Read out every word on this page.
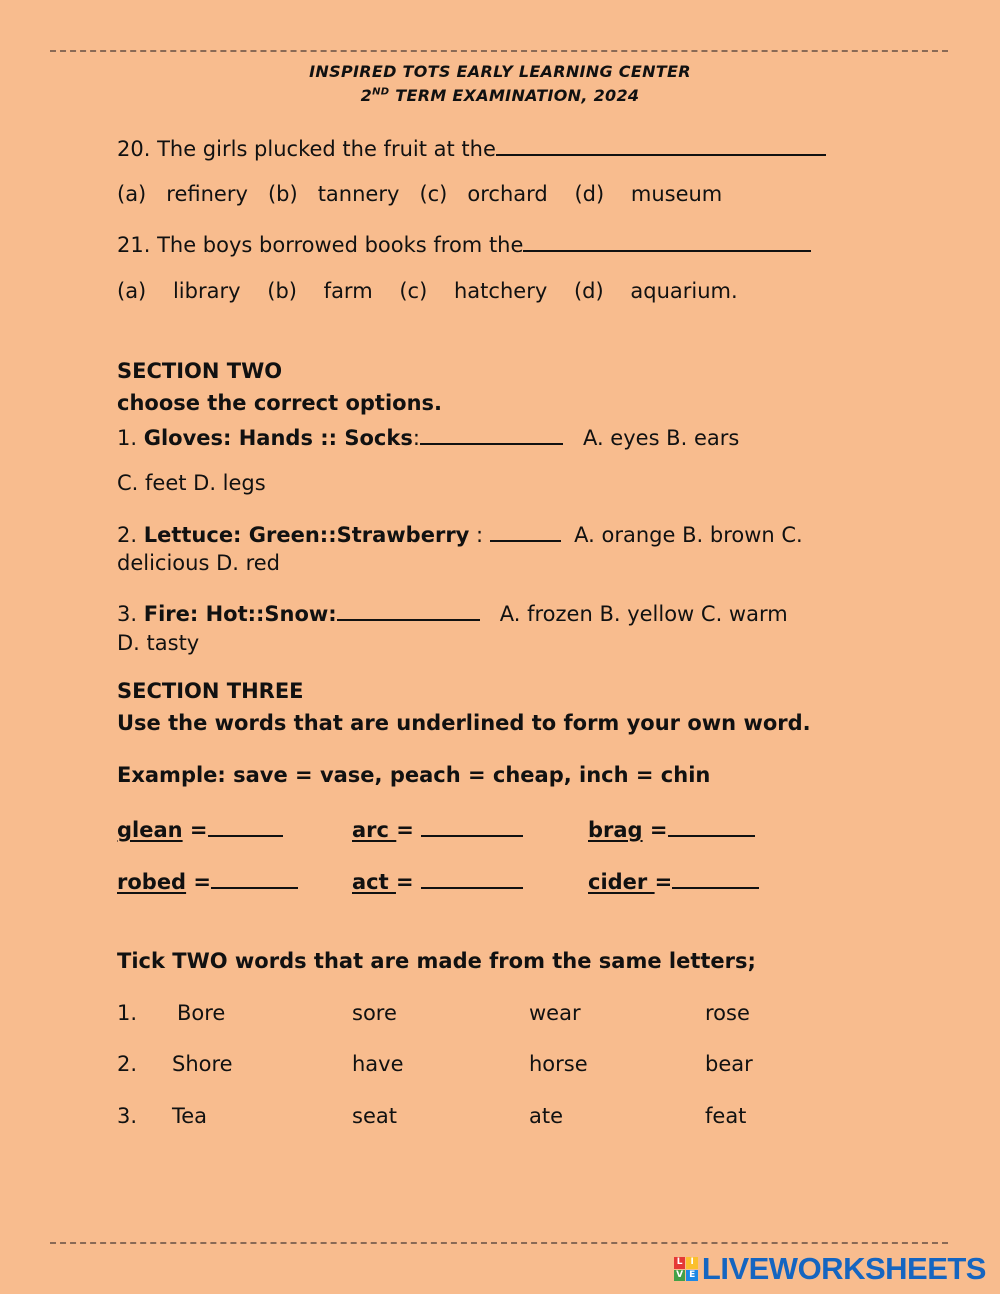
INSPIRED TOTS EARLY LEARNING CENTER
2ND TERM EXAMINATION, 2024
20. The girls plucked the fruit at the
(a) refinery (b) tannery (c) orchard (d) museum
21. The boys borrowed books from the
(a) library (b) farm (c) hatchery (d) aquarium.
SECTION TWO
choose the correct options.
1. Gloves: Hands :: Socks:	A. eyes B. ears
C. feet D. legs
2. Lettuce: Green::Strawberry :	A. orange B. brown C.
delicious D. red
3. Fire: Hot::Snow:	A. frozen B. yellow C. warm
D. tasty
SECTION THREE
Use the words that are underlined to form your own word.
Example: save = vase, peach = cheap, inch = chin
glean =	arc =	brag =
robed =	act =	cider =
Tick TWO words that are made from the same letters;
1. Bore	sore	wear	rose
2. Shore	have	horse	bear
3. Tea	seat	ate	feat
L I
V E LIVEWORKSHEETS
